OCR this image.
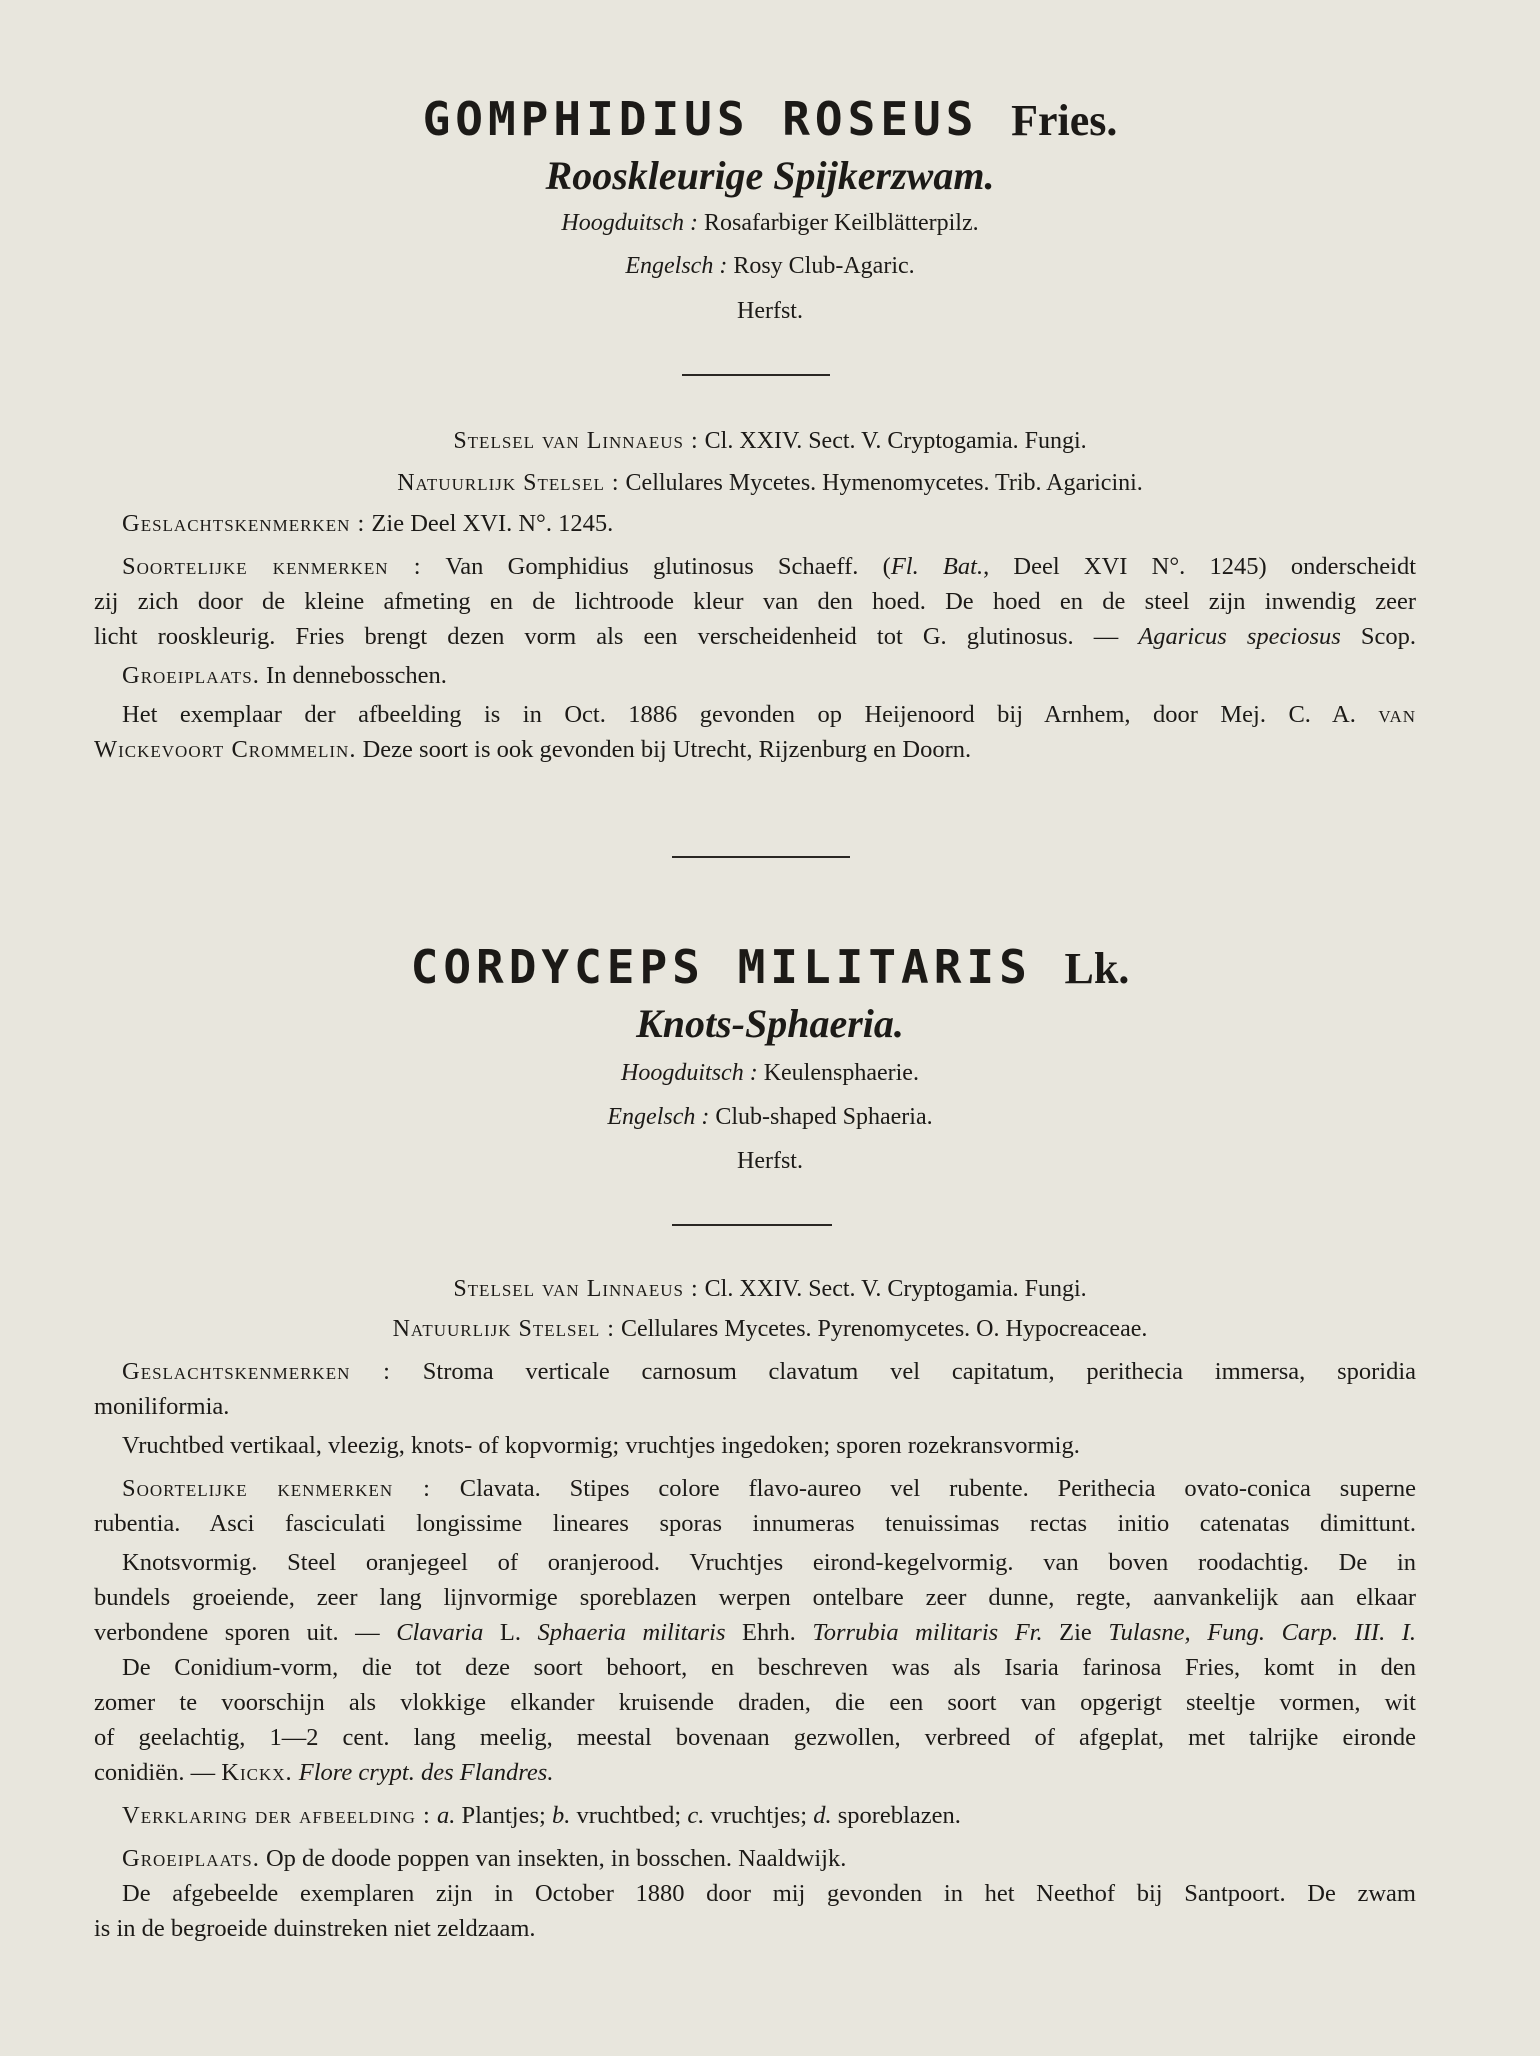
GOMPHIDIUS ROSEUS Fries.
Rooskleurige Spijkerzwam.
Hoogduitsch : Rosafarbiger Keilblätterpilz.
Engelsch : Rosy Club-Agaric.
Herfst.
Stelsel van Linnaeus : Cl. XXIV. Sect. V. Cryptogamia. Fungi.
Natuurlijk Stelsel : Cellulares Mycetes. Hymenomycetes. Trib. Agaricini.
Geslachtskenmerken : Zie Deel XVI. N°. 1245.
Soortelijke kenmerken : Van Gomphidius glutinosus Schaeff. (Fl. Bat., Deel XVI N°. 1245) onderscheidt
zij zich door de kleine afmeting en de lichtroode kleur van den hoed. De hoed en de steel zijn inwendig zeer
licht rooskleurig. Fries brengt dezen vorm als een verscheidenheid tot G. glutinosus. — Agaricus speciosus Scop.
Groeiplaats. In dennebosschen.
Het exemplaar der afbeelding is in Oct. 1886 gevonden op Heijenoord bij Arnhem, door Mej. C. A. van
Wickevoort Crommelin. Deze soort is ook gevonden bij Utrecht, Rijzenburg en Doorn.
CORDYCEPS MILITARIS Lk.
Knots-Sphaeria.
Hoogduitsch : Keulensphaerie.
Engelsch : Club-shaped Sphaeria.
Herfst.
Stelsel van Linnaeus : Cl. XXIV. Sect. V. Cryptogamia. Fungi.
Natuurlijk Stelsel : Cellulares Mycetes. Pyrenomycetes. O. Hypocreaceae.
Geslachtskenmerken : Stroma verticale carnosum clavatum vel capitatum, perithecia immersa, sporidia
moniliformia.
Vruchtbed vertikaal, vleezig, knots- of kopvormig; vruchtjes ingedoken; sporen rozekransvormig.
Soortelijke kenmerken : Clavata. Stipes colore flavo-aureo vel rubente. Perithecia ovato-conica superne
rubentia. Asci fasciculati longissime lineares sporas innumeras tenuissimas rectas initio catenatas dimittunt.
Knotsvormig. Steel oranjegeel of oranjerood. Vruchtjes eirond-kegelvormig. van boven roodachtig. De in
bundels groeiende, zeer lang lijnvormige sporeblazen werpen ontelbare zeer dunne, regte, aanvankelijk aan elkaar
verbondene sporen uit. — Clavaria L. Sphaeria militaris Ehrh. Torrubia militaris Fr. Zie Tulasne, Fung. Carp. III. I.
De Conidium-vorm, die tot deze soort behoort, en beschreven was als Isaria farinosa Fries, komt in den
zomer te voorschijn als vlokkige elkander kruisende draden, die een soort van opgerigt steeltje vormen, wit
of geelachtig, 1—2 cent. lang meelig, meestal bovenaan gezwollen, verbreed of afgeplat, met talrijke eironde
conidiën. — Kickx. Flore crypt. des Flandres.
Verklaring der afbeelding : a. Plantjes; b. vruchtbed; c. vruchtjes; d. sporeblazen.
Groeiplaats. Op de doode poppen van insekten, in bosschen. Naaldwijk.
De afgebeelde exemplaren zijn in October 1880 door mij gevonden in het Neethof bij Santpoort. De zwam
is in de begroeide duinstreken niet zeldzaam.
